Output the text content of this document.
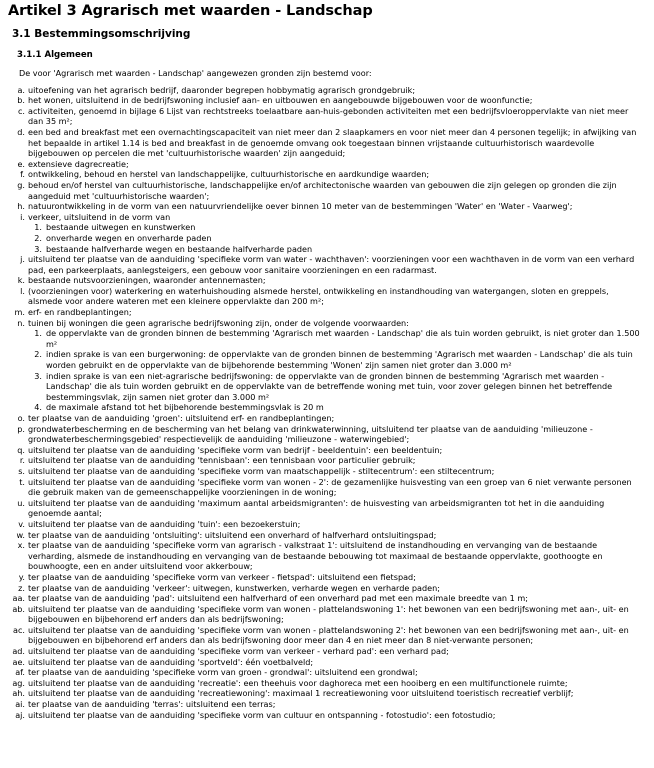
Artikel 3 Agrarisch met waarden - Landschap
3.1 Bestemmingsomschrijving
3.1.1 Algemeen

De voor 'Agrarisch met waarden - Landschap' aangewezen gronden zijn bestemd voor:

a. uitoefening van het agrarisch bedrijf, daaronder begrepen hobbymatig agrarisch grondgebruik;
b. het wonen, uitsluitend in de bedrijfswoning inclusief aan- en uitbouwen en aangebouwde bijgebouwen voor de woonfunctie;
c. activiteiten, genoemd in bijlage 6 Lijst van rechtstreeks toelaatbare aan-huis-gebonden activiteiten met een bedrijfsvloeroppervlakte van niet meer dan 35 m²;
d. een bed and breakfast met een overnachtingscapaciteit van niet meer dan 2 slaapkamers en voor niet meer dan 4 personen tegelijk; in afwijking van het bepaalde in artikel 1.14 is bed and breakfast in de genoemde omvang ook toegestaan binnen vrijstaande cultuurhistorisch waardevolle bijgebouwen op percelen die met 'cultuurhistorische waarden' zijn aangeduid;
e. extensieve dagrecreatie;
f. ontwikkeling, behoud en herstel van landschappelijke, cultuurhistorische en aardkundige waarden;
g. behoud en/of herstel van cultuurhistorische, landschappelijke en/of architectonische waarden van gebouwen die zijn gelegen op gronden die zijn aangeduid met 'cultuurhistorische waarden';
h. natuurontwikkeling in de vorm van een natuurvriendelijke oever binnen 10 meter van de bestemmingen 'Water' en 'Water - Vaarweg';
i. verkeer, uitsluitend in de vorm van
1. bestaande uitwegen en kunstwerken
2. onverharde wegen en onverharde paden
3. bestaande halfverharde wegen en bestaande halfverharde paden
j. uitsluitend ter plaatse van de aanduiding 'specifieke vorm van water - wachthaven': voorzieningen voor een wachthaven in de vorm van een verhard pad, een parkeerplaats, aanlegsteigers, een gebouw voor sanitaire voorzieningen en een radarmast.
k. bestaande nutsvoorzieningen, waaronder antennemasten;
l. (voorzieningen voor) waterkering en waterhuishouding alsmede herstel, ontwikkeling en instandhouding van watergangen, sloten en greppels, alsmede voor andere wateren met een kleinere oppervlakte dan 200 m²;
m. erf- en randbeplantingen;
n. tuinen bij woningen die geen agrarische bedrijfswoning zijn, onder de volgende voorwaarden:
1. de oppervlakte van de gronden binnen de bestemming 'Agrarisch met waarden - Landschap' die als tuin worden gebruikt, is niet groter dan 1.500 m²
2. indien sprake is van een burgerwoning: de oppervlakte van de gronden binnen de bestemming 'Agrarisch met waarden - Landschap' die als tuin worden gebruikt en de oppervlakte van de bijbehorende bestemming 'Wonen' zijn samen niet groter dan 3.000 m²
3. indien sprake is van een niet-agrarische bedrijfswoning: de oppervlakte van de gronden binnen de bestemming 'Agrarisch met waarden - Landschap' die als tuin worden gebruikt en de oppervlakte van de betreffende woning met tuin, voor zover gelegen binnen het betreffende bestemmingsvlak, zijn samen niet groter dan 3.000 m²
4. de maximale afstand tot het bijbehorende bestemmingsvlak is 20 m
o. ter plaatse van de aanduiding 'groen': uitsluitend erf- en randbeplantingen;
p. grondwaterbescherming en de bescherming van het belang van drinkwaterwinning, uitsluitend ter plaatse van de aanduiding 'milieuzone - grondwaterbeschermingsgebied' respectievelijk de aanduiding 'milieuzone - waterwingebied';
q. uitsluitend ter plaatse van de aanduiding 'specifieke vorm van bedrijf - beeldentuin': een beeldentuin;
r. uitsluitend ter plaatse van de aanduiding 'tennisbaan': een tennisbaan voor particulier gebruik;
s. uitsluitend ter plaatse van de aanduiding 'specifieke vorm van maatschappelijk - stiltecentrum': een stiltecentrum;
t. uitsluitend ter plaatse van de aanduiding 'specifieke vorm van wonen - 2': de gezamenlijke huisvesting van een groep van 6 niet verwante personen die gebruik maken van de gemeenschappelijke voorzieningen in de woning;
u. uitsluitend ter plaatse van de aanduiding 'maximum aantal arbeidsmigranten': de huisvesting van arbeidsmigranten tot het in die aanduiding genoemde aantal;
v. uitsluitend ter plaatse van de aanduiding 'tuin': een bezoekerstuin;
w. ter plaatse van de aanduiding 'ontsluiting': uitsluitend een onverhard of halfverhard ontsluitingspad;
x. ter plaatse van de aanduiding 'specifieke vorm van agrarisch - valkstraat 1': uitsluitend de instandhouding en vervanging van de bestaande verharding, alsmede de instandhouding en vervanging van de bestaande bebouwing tot maximaal de bestaande oppervlakte, goothoogte en bouwhoogte, een en ander uitsluitend voor akkerbouw;
y. ter plaatse van de aanduiding 'specifieke vorm van verkeer - fietspad': uitsluitend een fietspad;
z. ter plaatse van de aanduiding 'verkeer': uitwegen, kunstwerken, verharde wegen en verharde paden;
aa. ter plaatse van de aanduiding 'pad': uitsluitend een halfverhard of een onverhard pad met een maximale breedte van 1 m;
ab. uitsluitend ter plaatse van de aanduiding 'specifieke vorm van wonen - plattelandswoning 1': het bewonen van een bedrijfswoning met aan-, uit- en bijgebouwen en bijbehorend erf anders dan als bedrijfswoning;
ac. uitsluitend ter plaatse van de aanduiding 'specifieke vorm van wonen - plattelandswoning 2': het bewonen van een bedrijfswoning met aan-, uit- en bijgebouwen en bijbehorend erf anders dan als bedrijfswoning door meer dan 4 en niet meer dan 8 niet-verwante personen;
ad. uitsluitend ter plaatse van de aanduiding 'specifieke vorm van verkeer - verhard pad': een verhard pad;
ae. uitsluitend ter plaatse van de aanduiding 'sportveld': één voetbalveld;
af. ter plaatse van de aanduiding 'specifieke vorm van groen - grondwal': uitsluitend een grondwal;
ag. uitsluitend ter plaatse van de aanduiding 'recreatie': een theehuis voor daghoreca met een hooiberg en een multifunctionele ruimte;
ah. uitsluitend ter plaatse van de aanduiding 'recreatiewoning': maximaal 1 recreatiewoning voor uitsluitend toeristisch recreatief verblijf;
ai. ter plaatse van de aanduiding 'terras': uitsluitend een terras;
aj. uitsluitend ter plaatse van de aanduiding 'specifieke vorm van cultuur en ontspanning - fotostudio': een fotostudio;
